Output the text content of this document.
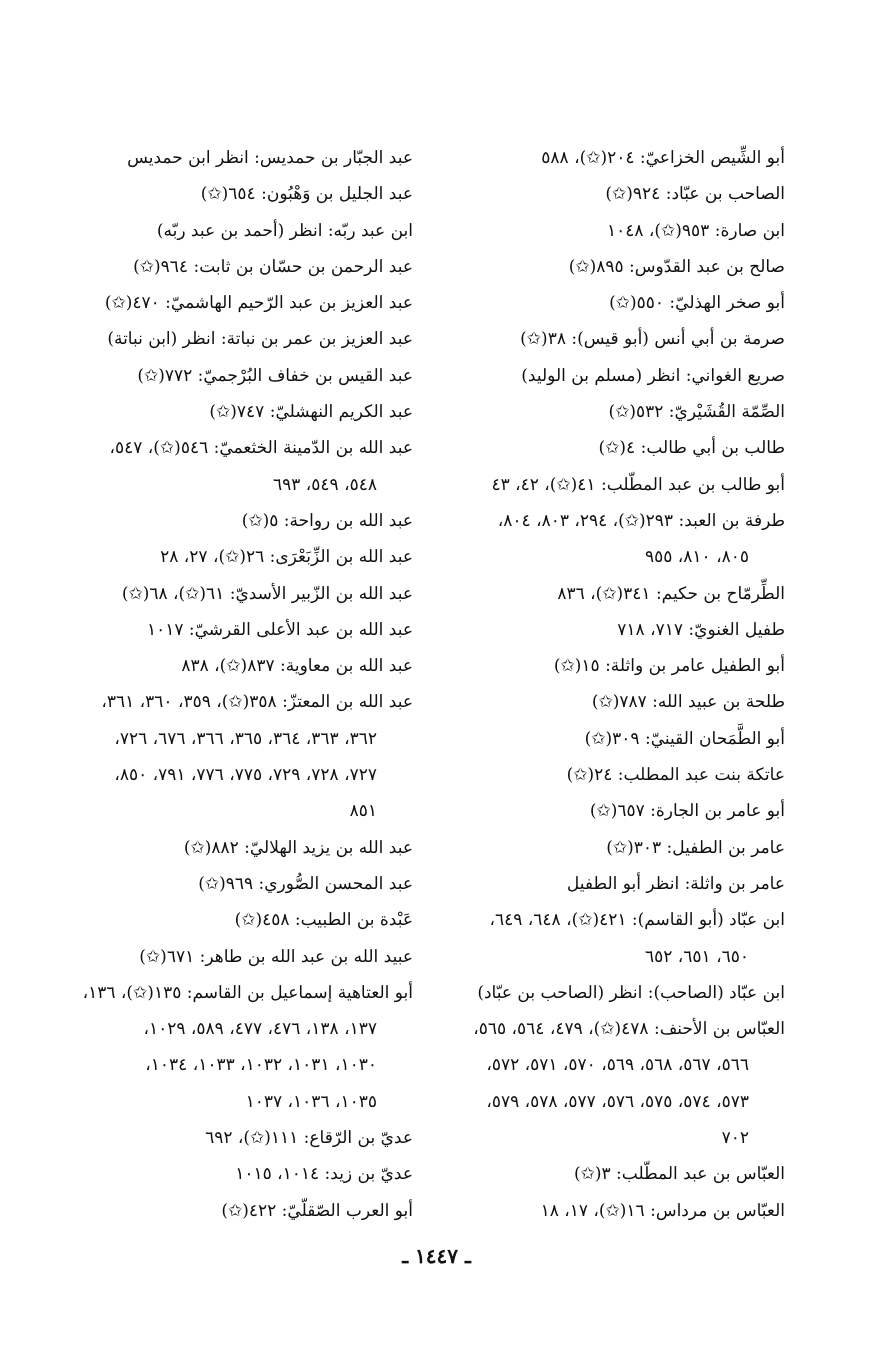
أبو الشِّيص الخزاعيّ: ٢٠٤(✩)، ٥٨٨
الصاحب بن عبّاد: ٩٢٤(✩)
ابن صارة: ٩٥٣(✩)، ١٠٤٨
صالح بن عبد القدّوس: ٨٩٥(✩)
أبو صخر الهذليّ: ٥٥٠(✩)
صرمة بن أبي أنس (أبو قيس): ٣٨(✩)
صريع الغواني: انظر (مسلم بن الوليد)
الصِّمّة القُشَيْريّ: ٥٣٢(✩)
طالب بن أبي طالب: ٤(✩)
أبو طالب بن عبد المطّلب: ٤١(✩)، ٤٢، ٤٣
طرفة بن العبد: ٢٩٣(✩)، ٢٩٤، ٨٠٣، ٨٠٤،
٨٠٥، ٨١٠، ٩٥٥
الطِّرمّاح بن حكيم: ٣٤١(✩)، ٨٣٦
طفيل الغنويّ: ٧١٧، ٧١٨
أبو الطفيل عامر بن واثلة: ١٥(✩)
طلحة بن عبيد الله: ٧٨٧(✩)
أبو الطَّمَحان القينيّ: ٣٠٩(✩)
عاتكة بنت عبد المطلب: ٢٤(✩)
أبو عامر بن الجارة: ٦٥٧(✩)
عامر بن الطفيل: ٣٠٣(✩)
عامر بن واثلة: انظر أبو الطفيل
ابن عبّاد (أبو القاسم): ٤٢١(✩)، ٦٤٨، ٦٤٩،
٦٥٠، ٦٥١، ٦٥٢
ابن عبّاد (الصاحب): انظر (الصاحب بن عبّاد)
العبّاس بن الأحنف: ٤٧٨(✩)، ٤٧٩، ٥٦٤، ٥٦٥،
٥٦٦، ٥٦٧، ٥٦٨، ٥٦٩، ٥٧٠، ٥٧١، ٥٧٢،
٥٧٣، ٥٧٤، ٥٧٥، ٥٧٦، ٥٧٧، ٥٧٨، ٥٧٩،
٧٠٢
العبّاس بن عبد المطّلب: ٣(✩)
العبّاس بن مرداس: ١٦(✩)، ١٧، ١٨
عبد الجبّار بن حمديس: انظر ابن حمديس
عبد الجليل بن وَهْبُون: ٦٥٤(✩)
ابن عبد ربّه: انظر (أحمد بن عبد ربّه)
عبد الرحمن بن حسّان بن ثابت: ٩٦٤(✩)
عبد العزيز بن عبد الرّحيم الهاشميّ: ٤٧٠(✩)
عبد العزيز بن عمر بن نباتة: انظر (ابن نباتة)
عبد القيس بن خفاف البُرْجميّ: ٧٧٢(✩)
عبد الكريم النهشليّ: ٧٤٧(✩)
عبد الله بن الدّمينة الخثعميّ: ٥٤٦(✩)، ٥٤٧،
٥٤٨، ٥٤٩، ٦٩٣
عبد الله بن رواحة: ٥(✩)
عبد الله بن الزِّبَعْرَى: ٢٦(✩)، ٢٧، ٢٨
عبد الله بن الزّبير الأسديّ: ٦١(✩)، ٦٨(✩)
عبد الله بن عبد الأعلى القرشيّ: ١٠١٧
عبد الله بن معاوية: ٨٣٧(✩)، ٨٣٨
عبد الله بن المعتزّ: ٣٥٨(✩)، ٣٥٩، ٣٦٠، ٣٦١،
٣٦٢، ٣٦٣، ٣٦٤، ٣٦٥، ٣٦٦، ٦٧٦، ٧٢٦،
٧٢٧، ٧٢٨، ٧٢٩، ٧٧٥، ٧٧٦، ٧٩١، ٨٥٠،
٨٥١
عبد الله بن يزيد الهلاليّ: ٨٨٢(✩)
عبد المحسن الصُّوري: ٩٦٩(✩)
عَبْدة بن الطبيب: ٤٥٨(✩)
عبيد الله بن عبد الله بن طاهر: ٦٧١(✩)
أبو العتاهية إسماعيل بن القاسم: ١٣٥(✩)، ١٣٦،
١٣٧، ١٣٨، ٤٧٦، ٤٧٧، ٥٨٩، ١٠٢٩،
١٠٣٠، ١٠٣١، ١٠٣٢، ١٠٣٣، ١٠٣٤،
١٠٣٥، ١٠٣٦، ١٠٣٧
عديّ بن الرّقاع: ١١١(✩)، ٦٩٢
عديّ بن زيد: ١٠١٤، ١٠١٥
أبو العرب الصّقلّيّ: ٤٢٢(✩)
ـ ١٤٤٧ ـ
